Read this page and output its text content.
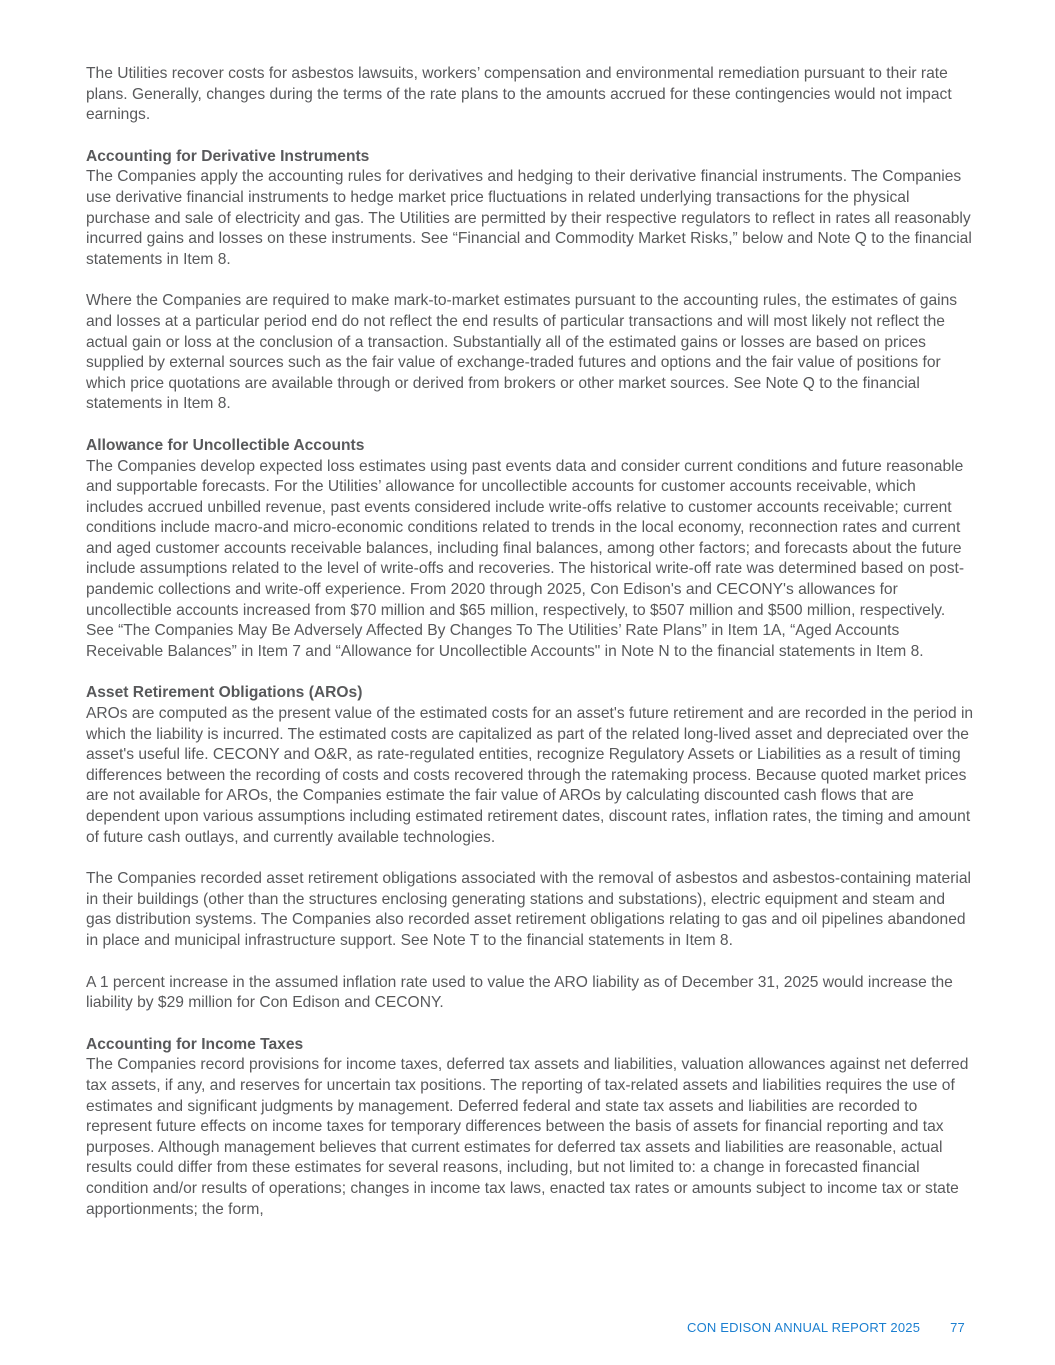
The Utilities recover costs for asbestos lawsuits, workers’ compensation and environmental remediation pursuant to their rate plans. Generally, changes during the terms of the rate plans to the amounts accrued for these contingencies would not impact earnings.

Accounting for Derivative Instruments

The Companies apply the accounting rules for derivatives and hedging to their derivative financial instruments. The Companies use derivative financial instruments to hedge market price fluctuations in related underlying transactions for the physical purchase and sale of electricity and gas. The Utilities are permitted by their respective regulators to reflect in rates all reasonably incurred gains and losses on these instruments. See “Financial and Commodity Market Risks,” below and Note Q to the financial statements in Item 8.

Where the Companies are required to make mark-to-market estimates pursuant to the accounting rules, the estimates of gains and losses at a particular period end do not reflect the end results of particular transactions and will most likely not reflect the actual gain or loss at the conclusion of a transaction. Substantially all of the estimated gains or losses are based on prices supplied by external sources such as the fair value of exchange-traded futures and options and the fair value of positions for which price quotations are available through or derived from brokers or other market sources. See Note Q to the financial statements in Item 8.

Allowance for Uncollectible Accounts

The Companies develop expected loss estimates using past events data and consider current conditions and future reasonable and supportable forecasts. For the Utilities’ allowance for uncollectible accounts for customer accounts receivable, which includes accrued unbilled revenue, past events considered include write-offs relative to customer accounts receivable; current conditions include macro-and micro-economic conditions related to trends in the local economy, reconnection rates and current and aged customer accounts receivable balances, including final balances, among other factors; and forecasts about the future include assumptions related to the level of write-offs and recoveries. The historical write-off rate was determined based on post-pandemic collections and write-off experience. From 2020 through 2025, Con Edison's and CECONY's allowances for uncollectible accounts increased from $70 million and $65 million, respectively, to $507 million and $500 million, respectively. See “The Companies May Be Adversely Affected By Changes To The Utilities’ Rate Plans” in Item 1A, “Aged Accounts Receivable Balances” in Item 7 and “Allowance for Uncollectible Accounts" in Note N to the financial statements in Item 8.

Asset Retirement Obligations (AROs)

AROs are computed as the present value of the estimated costs for an asset's future retirement and are recorded in the period in which the liability is incurred. The estimated costs are capitalized as part of the related long-lived asset and depreciated over the asset's useful life. CECONY and O&R, as rate-regulated entities, recognize Regulatory Assets or Liabilities as a result of timing differences between the recording of costs and costs recovered through the ratemaking process. Because quoted market prices are not available for AROs, the Companies estimate the fair value of AROs by calculating discounted cash flows that are dependent upon various assumptions including estimated retirement dates, discount rates, inflation rates, the timing and amount of future cash outlays, and currently available technologies.

The Companies recorded asset retirement obligations associated with the removal of asbestos and asbestos-containing material in their buildings (other than the structures enclosing generating stations and substations), electric equipment and steam and gas distribution systems. The Companies also recorded asset retirement obligations relating to gas and oil pipelines abandoned in place and municipal infrastructure support. See Note T to the financial statements in Item 8.

A 1 percent increase in the assumed inflation rate used to value the ARO liability as of December 31, 2025 would increase the liability by $29 million for Con Edison and CECONY.

Accounting for Income Taxes

The Companies record provisions for income taxes, deferred tax assets and liabilities, valuation allowances against net deferred tax assets, if any, and reserves for uncertain tax positions. The reporting of tax-related assets and liabilities requires the use of estimates and significant judgments by management. Deferred federal and state tax assets and liabilities are recorded to represent future effects on income taxes for temporary differences between the basis of assets for financial reporting and tax purposes. Although management believes that current estimates for deferred tax assets and liabilities are reasonable, actual results could differ from these estimates for several reasons, including, but not limited to: a change in forecasted financial condition and/or results of operations; changes in income tax laws, enacted tax rates or amounts subject to income tax or state apportionments; the form,

CON EDISON ANNUAL REPORT 2025 77
